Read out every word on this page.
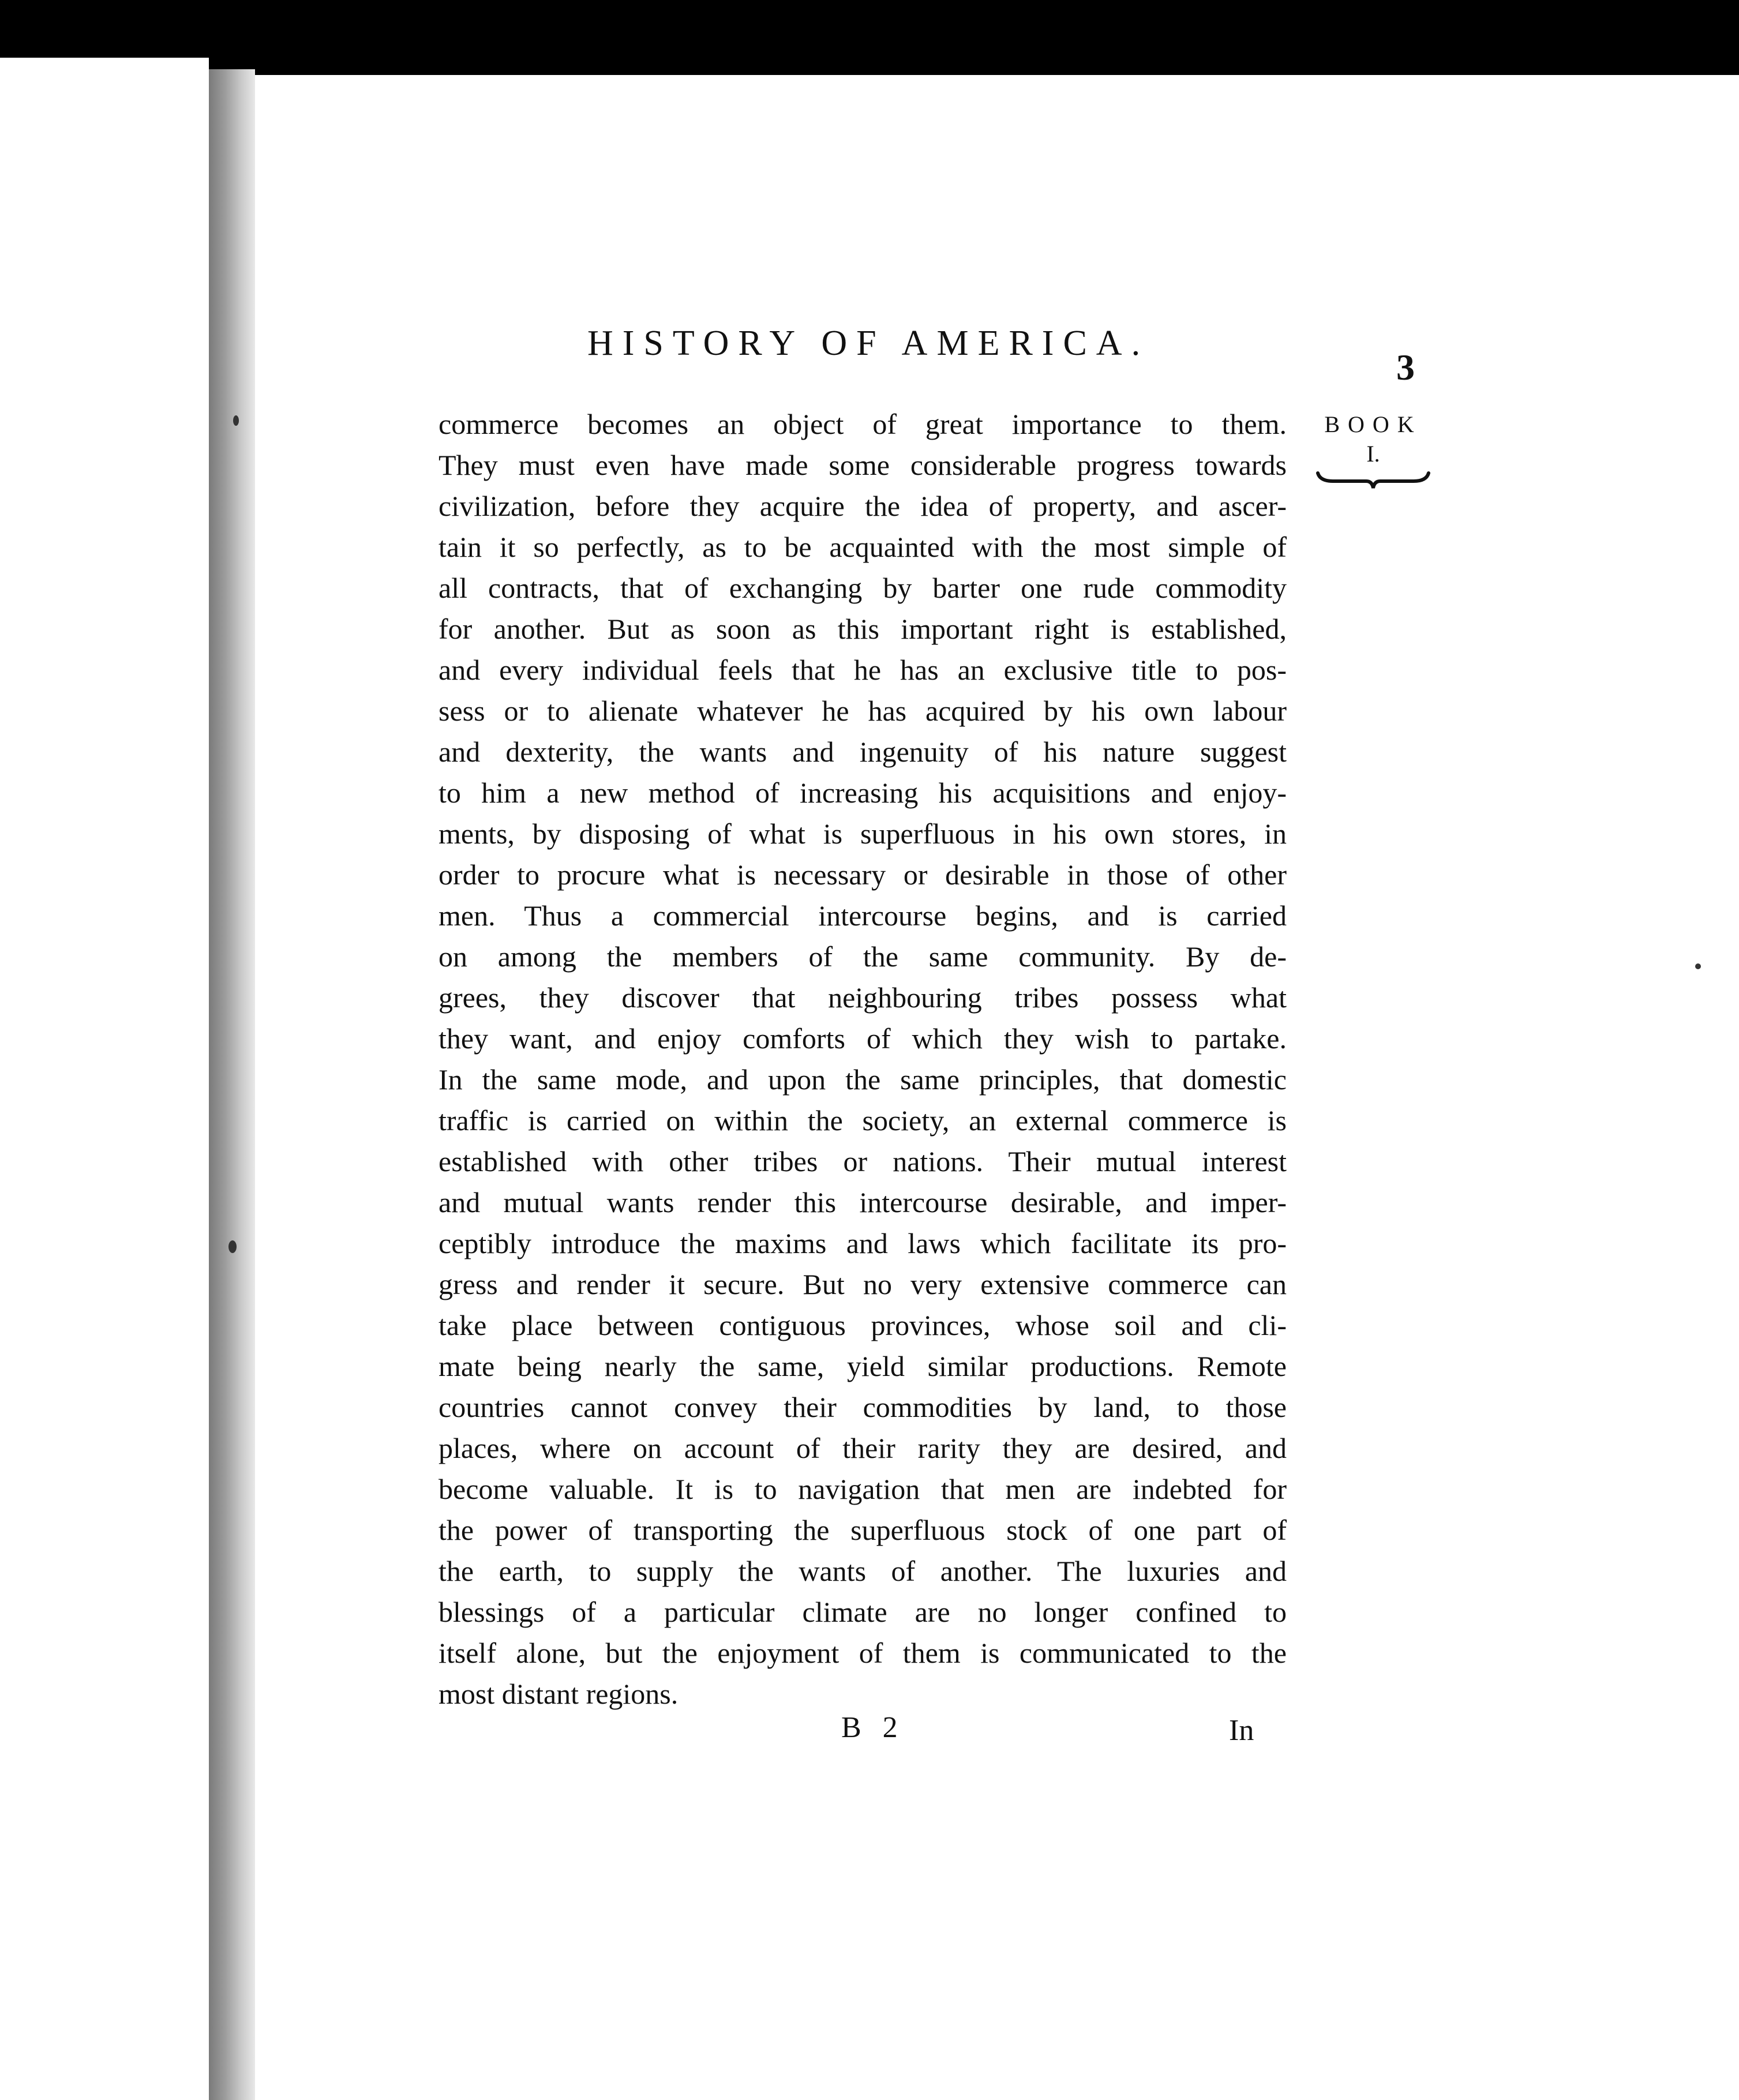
HISTORY OF AMERICA.
3
BOOK
I.
commerce becomes an object of great importance to them.
They must even have made some considerable progress towards
civilization, before they acquire the idea of property, and ascer-
tain it so perfectly, as to be acquainted with the most simple of
all contracts, that of exchanging by barter one rude commodity
for another. But as soon as this important right is established,
and every individual feels that he has an exclusive title to pos-
sess or to alienate whatever he has acquired by his own labour
and dexterity, the wants and ingenuity of his nature suggest
to him a new method of increasing his acquisitions and enjoy-
ments, by disposing of what is superfluous in his own stores, in
order to procure what is necessary or desirable in those of other
men. Thus a commercial intercourse begins, and is carried
on among the members of the same community. By de-
grees, they discover that neighbouring tribes possess what
they want, and enjoy comforts of which they wish to partake.
In the same mode, and upon the same principles, that domestic
traffic is carried on within the society, an external commerce is
established with other tribes or nations. Their mutual interest
and mutual wants render this intercourse desirable, and imper-
ceptibly introduce the maxims and laws which facilitate its pro-
gress and render it secure. But no very extensive commerce can
take place between contiguous provinces, whose soil and cli-
mate being nearly the same, yield similar productions. Remote
countries cannot convey their commodities by land, to those
places, where on account of their rarity they are desired, and
become valuable. It is to navigation that men are indebted for
the power of transporting the superfluous stock of one part of
the earth, to supply the wants of another. The luxuries and
blessings of a particular climate are no longer confined to
itself alone, but the enjoyment of them is communicated to the
most distant regions.
B 2	In
